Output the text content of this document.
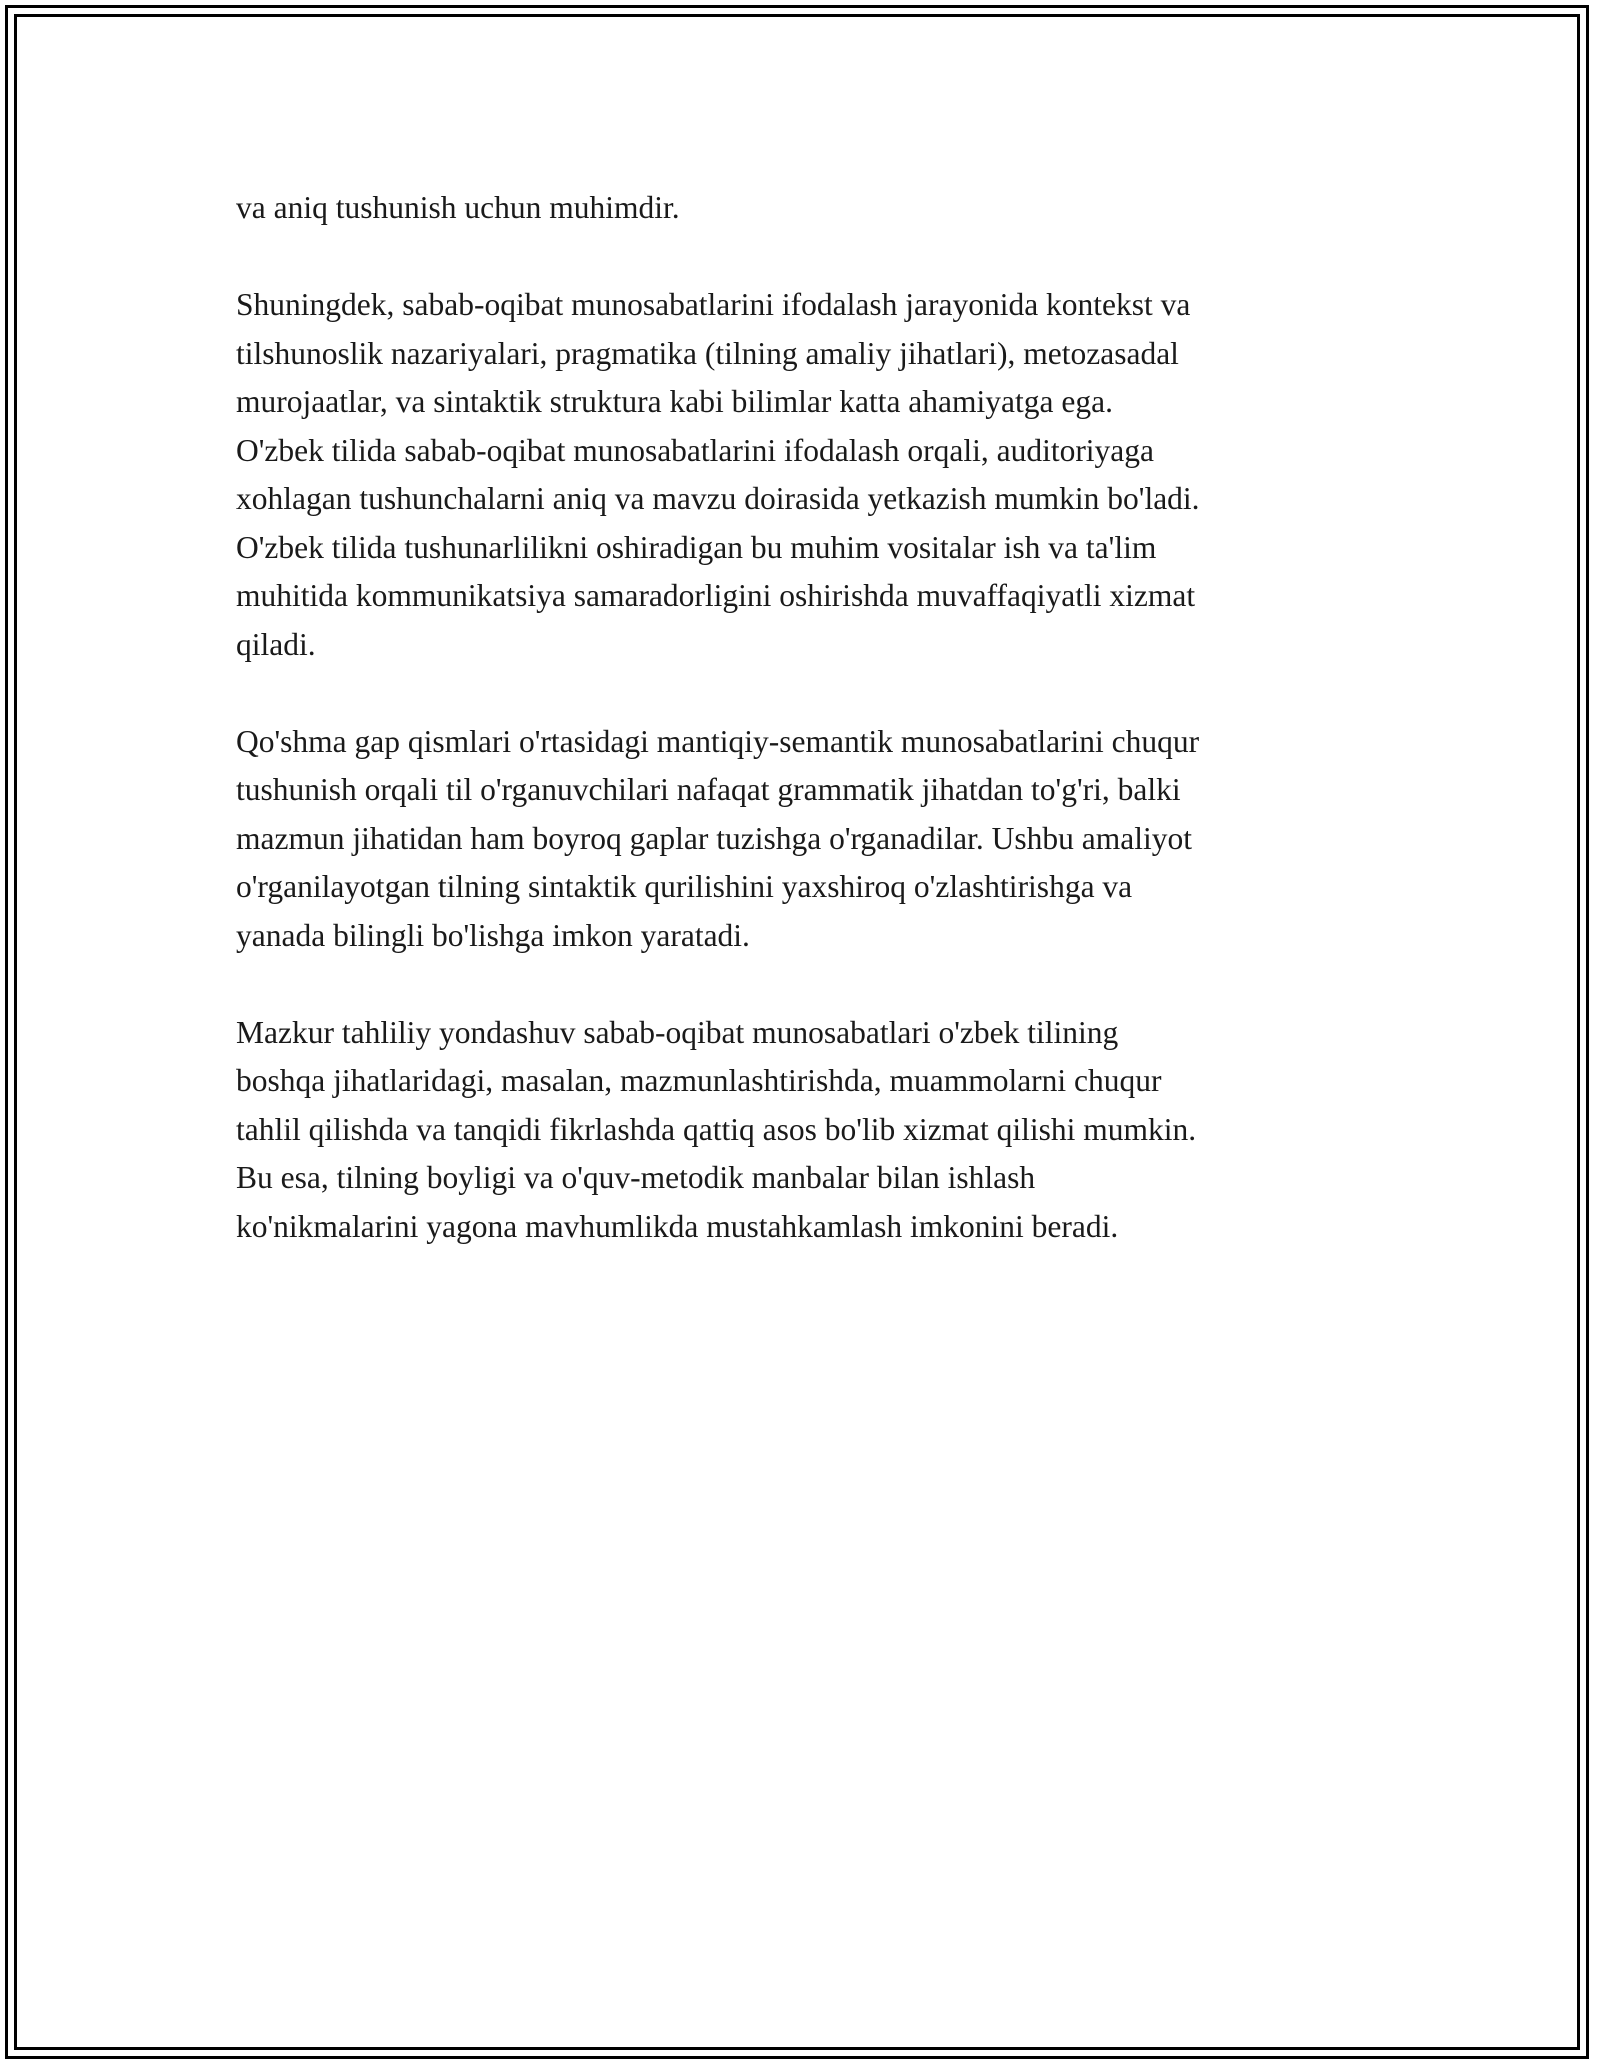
va aniq tushunish uchun muhimdir.
Shuningdek, sabab-oqibat munosabatlarini ifodalash jarayonida kontekst va
tilshunoslik nazariyalari, pragmatika (tilning amaliy jihatlari), metozasadal
murojaatlar, va sintaktik struktura kabi bilimlar katta ahamiyatga ega.
O'zbek tilida sabab-oqibat munosabatlarini ifodalash orqali, auditoriyaga
xohlagan tushunchalarni aniq va mavzu doirasida yetkazish mumkin bo'ladi.
O'zbek tilida tushunarlilikni oshiradigan bu muhim vositalar ish va ta'lim
muhitida kommunikatsiya samaradorligini oshirishda muvaffaqiyatli xizmat
qiladi.
Qo'shma gap qismlari o'rtasidagi mantiqiy-semantik munosabatlarini chuqur
tushunish orqali til o'rganuvchilari nafaqat grammatik jihatdan to'g'ri, balki
mazmun jihatidan ham boyroq gaplar tuzishga o'rganadilar. Ushbu amaliyot
o'rganilayotgan tilning sintaktik qurilishini yaxshiroq o'zlashtirishga va
yanada bilingli bo'lishga imkon yaratadi.
Mazkur tahliliy yondashuv sabab-oqibat munosabatlari o'zbek tilining
boshqa jihatlaridagi, masalan, mazmunlashtirishda, muammolarni chuqur
tahlil qilishda va tanqidi fikrlashda qattiq asos bo'lib xizmat qilishi mumkin.
Bu esa, tilning boyligi va o'quv-metodik manbalar bilan ishlash
ko'nikmalarini yagona mavhumlikda mustahkamlash imkonini beradi.
